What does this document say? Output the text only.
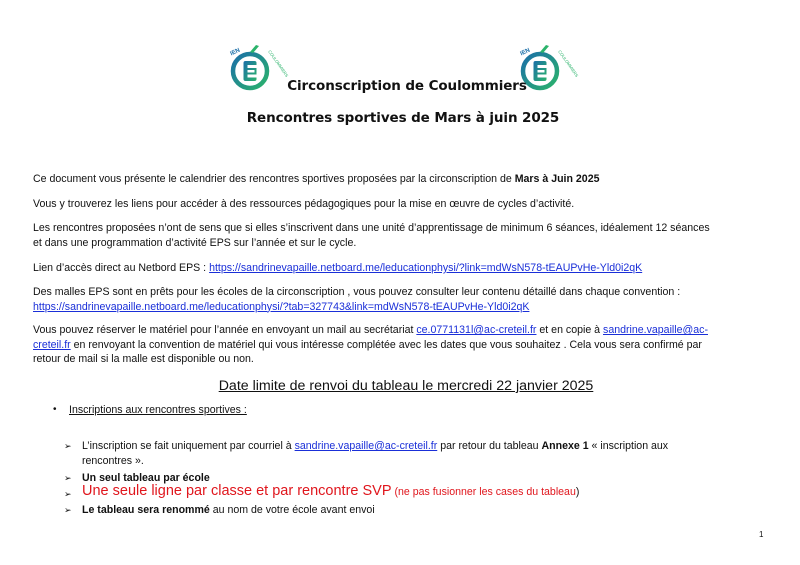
IEN	COULOMMIERS	IEN	COULOMMIERS
Circonscription de Coulommiers
Rencontres sportives de Mars à juin 2025
Ce document vous présente le calendrier des rencontres sportives proposées par la circonscription de Mars à Juin 2025
Vous y trouverez les liens pour accéder à des ressources pédagogiques pour la mise en œuvre de cycles d’activité.
Les rencontres proposées n’ont de sens que si elles s’inscrivent dans une unité d’apprentissage de minimum 6 séances, idéalement 12 séances
et dans une programmation d’activité EPS sur l’année et sur le cycle.
Lien d’accès direct au Netbord EPS : https://sandrinevapaille.netboard.me/leducationphysi/?link=mdWsN578-tEAUPvHe-Yld0i2qK
Des malles EPS sont en prêts pour les écoles de la circonscription , vous pouvez consulter leur contenu détaillé dans chaque convention :
https://sandrinevapaille.netboard.me/leducationphysi/?tab=327743&link=mdWsN578-tEAUPvHe-Yld0i2qK
Vous pouvez réserver le matériel pour l’année en envoyant un mail au secrétariat ce.0771131l@ac-creteil.fr et en copie à sandrine.vapaille@ac-
creteil.fr en renvoyant la convention de matériel qui vous intéresse complétée avec les dates que vous souhaitez . Cela vous sera confirmé par
retour de mail si la malle est disponible ou non.
Date limite de renvoi du tableau le mercredi 22 janvier 2025
• Inscriptions aux rencontres sportives :
➢ L’inscription se fait uniquement par courriel à sandrine.vapaille@ac-creteil.fr par retour du tableau Annexe 1 « inscription aux
rencontres ».
➢ Un seul tableau par école
➢ Une seule ligne par classe et par rencontre SVP (ne pas fusionner les cases du tableau)
➢ Le tableau sera renommé au nom de votre école avant envoi
1
